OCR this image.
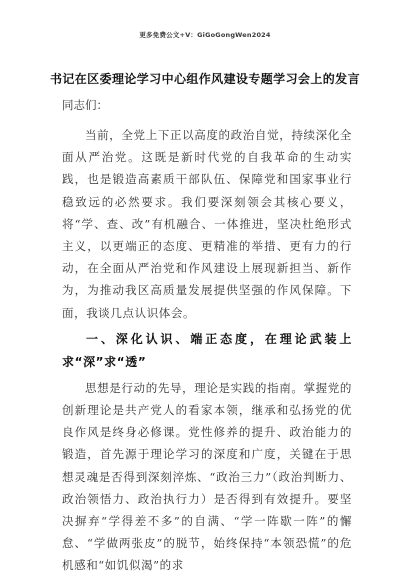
更多免费公文+V：GiGoGongWen2024
书记在区委理论学习中心组作风建设专题学习会上的发言
同志们：

当前，全党上下正以高度的政治自觉，持续深化全面从严治党。这既是新时代党的自我革命的生动实践，也是锻造高素质干部队伍、保障党和国家事业行稳致远的必然要求。我们要深刻领会其核心要义，将“学、查、改”有机融合、一体推进，坚决杜绝形式主义，以更端正的态度、更精准的举措、更有力的行动，在全面从严治党和作风建设上展现新担当、新作为，为推动我区高质量发展提供坚强的作风保障。下面，我谈几点认识体会。

一、深化认识、端正态度，在理论武装上求“深”求“透”

思想是行动的先导，理论是实践的指南。掌握党的创新理论是共产党人的看家本领，继承和弘扬党的优良作风是终身必修课。党性修养的提升、政治能力的锻造，首先源于理论学习的深度和广度，关键在于思想灵魂是否得到深刻淬炼、“政治三力”（政治判断力、政治领悟力、政治执行力）是否得到有效提升。要坚决摒弃“学得差不多”的自满、“学一阵歇一阵”的懈怠、“学做两张皮”的脱节，始终保持“本领恐慌”的危机感和“如饥似渴”的求
